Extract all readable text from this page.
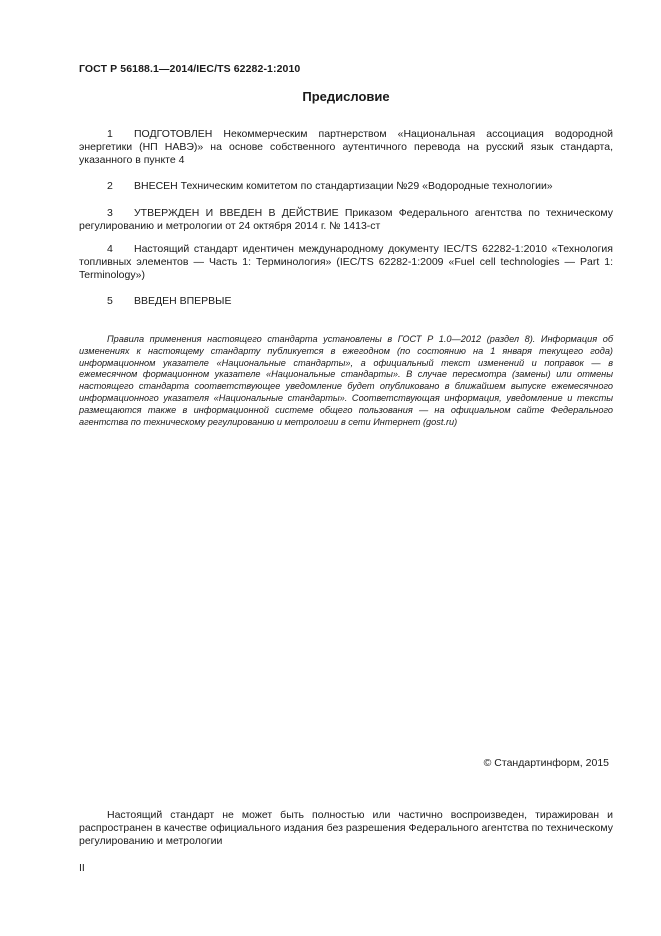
ГОСТ Р 56188.1—2014/IEC/TS 62282-1:2010
Предисловие
1 ПОДГОТОВЛЕН Некоммерческим партнерством «Национальная ассоциация водородной энергетики (НП НАВЭ)» на основе собственного аутентичного перевода на русский язык стандарта, указанного в пункте 4
2 ВНЕСЕН Техническим комитетом по стандартизации №29 «Водородные технологии»
3 УТВЕРЖДЕН И ВВЕДЕН В ДЕЙСТВИЕ Приказом Федерального агентства по техническому регулированию и метрологии от 24 октября 2014 г. № 1413-ст
4 Настоящий стандарт идентичен международному документу IEC/TS 62282-1:2010 «Технология топливных элементов — Часть 1: Терминология» (IEC/TS 62282-1:2009 «Fuel cell technologies — Part 1: Terminology»)
5 ВВЕДЕН ВПЕРВЫЕ
Правила применения настоящего стандарта установлены в ГОСТ Р 1.0—2012 (раздел 8). Информация об изменениях к настоящему стандарту публикуется в ежегодном (по состоянию на 1 января текущего года) информационном указателе «Национальные стандарты», а официальный текст изменений и поправок — в ежемесячном формационном указателе «Национальные стандарты». В случае пересмотра (замены) или отмены настоящего стандарта соответствующее уведомление будет опубликовано в ближайшем выпуске ежемесячного информационного указателя «Национальные стандарты». Соответствующая информация, уведомление и тексты размещаются также в информационной системе общего пользования — на официальном сайте Федерального агентства по техническому регулированию и метрологии в сети Интернет (gost.ru)
© Стандартинформ, 2015
Настоящий стандарт не может быть полностью или частично воспроизведен, тиражирован и распространен в качестве официального издания без разрешения Федерального агентства по техническому регулированию и метрологии
II
